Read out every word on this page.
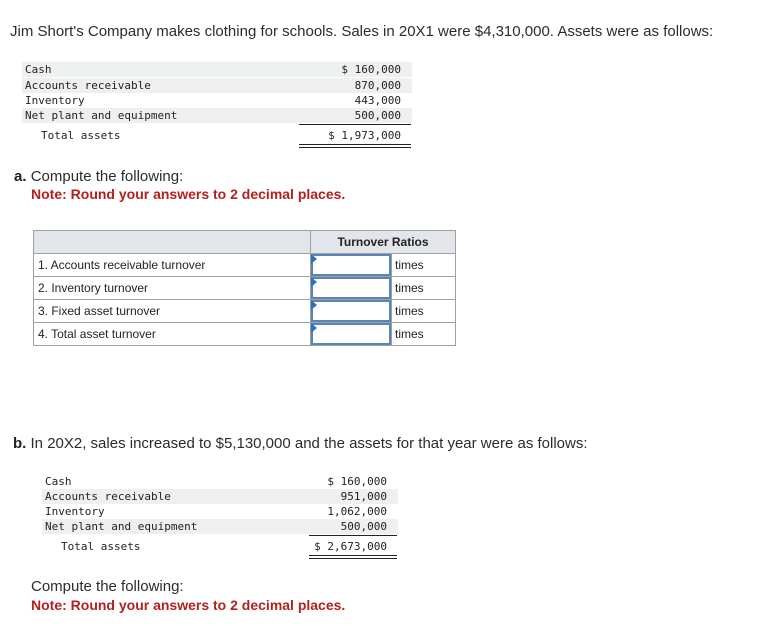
Jim Short's Company makes clothing for schools. Sales in 20X1 were $4,310,000. Assets were as follows:
Cash	$ 160,000
Accounts receivable	870,000
Inventory	443,000
Net plant and equipment	500,000
Total assets	$ 1,973,000
a. Compute the following:
Note: Round your answers to 2 decimal places.
	Turnover Ratios	
1. Accounts receivable turnover		times
2. Inventory turnover		times
3. Fixed asset turnover		times
4. Total asset turnover		times
b. In 20X2, sales increased to $5,130,000 and the assets for that year were as follows:
Cash	$ 160,000
Accounts receivable	951,000
Inventory	1,062,000
Net plant and equipment	500,000
Total assets	$ 2,673,000
Compute the following:
Note: Round your answers to 2 decimal places.
